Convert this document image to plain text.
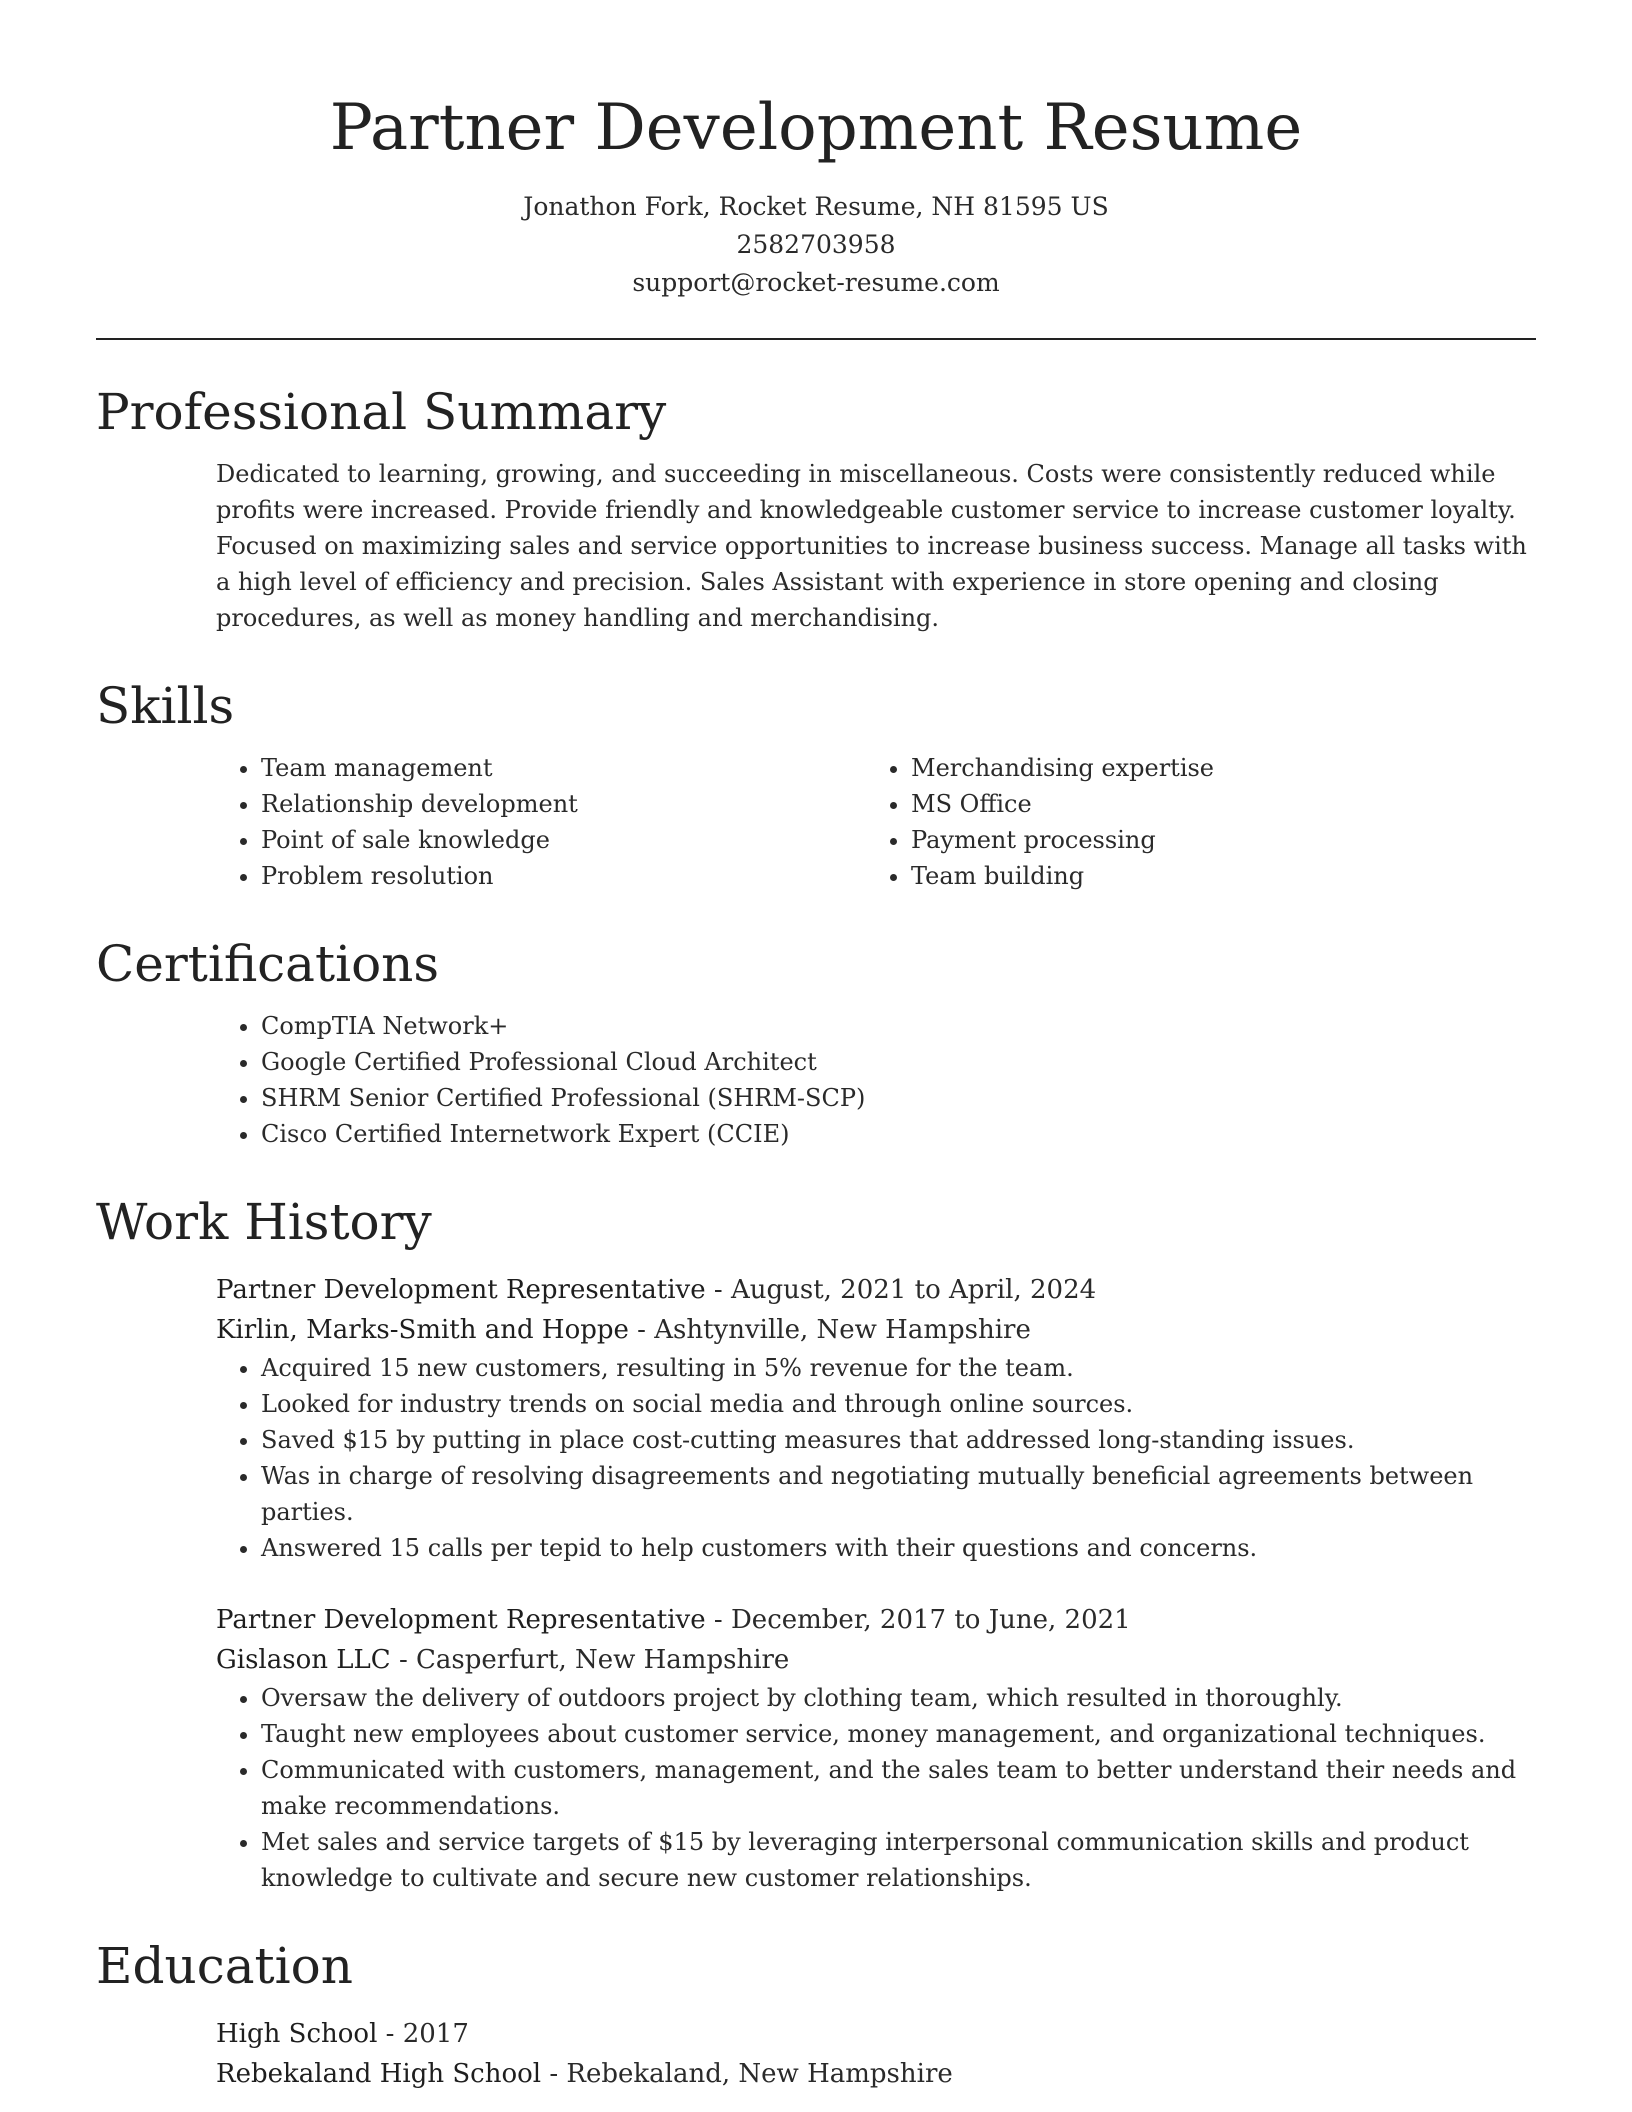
Partner Development Resume
Jonathon Fork, Rocket Resume, NH 81595 US
2582703958
support@rocket-resume.com
Professional Summary
Dedicated to learning, growing, and succeeding in miscellaneous. Costs were consistently reduced while profits were increased. Provide friendly and knowledgeable customer service to increase customer loyalty. Focused on maximizing sales and service opportunities to increase business success. Manage all tasks with a high level of efficiency and precision. Sales Assistant with experience in store opening and closing procedures, as well as money handling and merchandising.
Skills
• Team management
• Relationship development
• Point of sale knowledge
• Problem resolution
• Merchandising expertise
• MS Office
• Payment processing
• Team building
Certifications
• CompTIA Network+
• Google Certified Professional Cloud Architect
• SHRM Senior Certified Professional (SHRM-SCP)
• Cisco Certified Internetwork Expert (CCIE)
Work History
Partner Development Representative - August, 2021 to April, 2024
Kirlin, Marks-Smith and Hoppe - Ashtynville, New Hampshire
• Acquired 15 new customers, resulting in 5% revenue for the team.
• Looked for industry trends on social media and through online sources.
• Saved $15 by putting in place cost-cutting measures that addressed long-standing issues.
• Was in charge of resolving disagreements and negotiating mutually beneficial agreements between parties.
• Answered 15 calls per tepid to help customers with their questions and concerns.
Partner Development Representative - December, 2017 to June, 2021
Gislason LLC - Casperfurt, New Hampshire
• Oversaw the delivery of outdoors project by clothing team, which resulted in thoroughly.
• Taught new employees about customer service, money management, and organizational techniques.
• Communicated with customers, management, and the sales team to better understand their needs and make recommendations.
• Met sales and service targets of $15 by leveraging interpersonal communication skills and product knowledge to cultivate and secure new customer relationships.
Education
High School - 2017
Rebekaland High School - Rebekaland, New Hampshire
